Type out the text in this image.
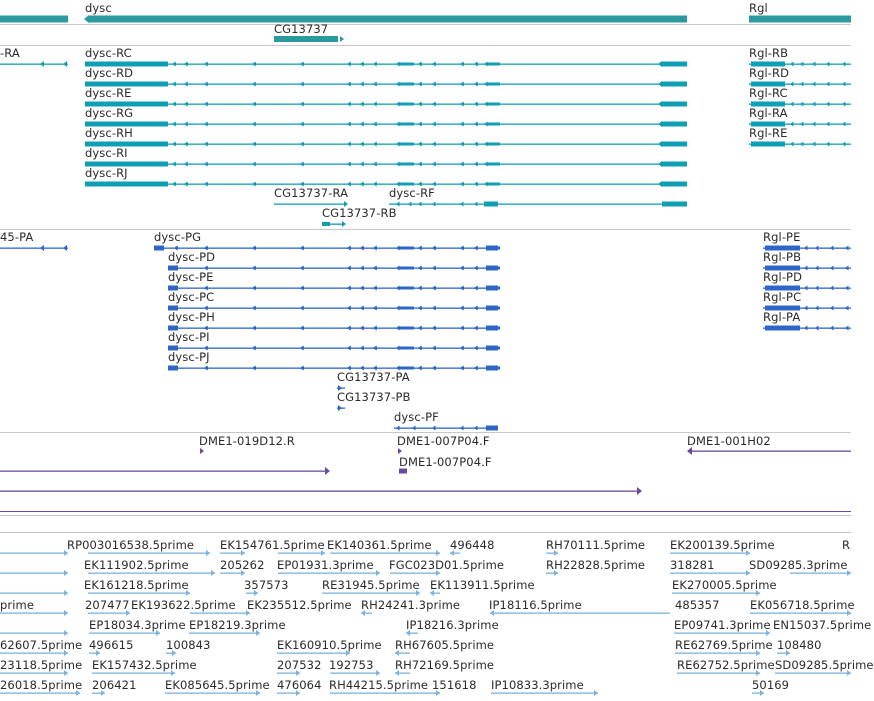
dysc
CG13737
Rgl
-RA	dysc-RC
dysc-RD
dysc-RE
dysc-RG
dysc-RH
dysc-RI
dysc-RJ
CG13737-RA	dysc-RF
CG13737-RB
Rgl-RB
Rgl-RD
Rgl-RC
Rgl-RA
Rgl-RE
45-PA	dysc-PG
dysc-PD
dysc-PE
dysc-PC
dysc-PH
dysc-PI
dysc-PJ
CG13737-PA
CG13737-PB
dysc-PF
Rgl-PE
Rgl-PB
Rgl-PD
Rgl-PC
Rgl-PA
DME1-019D12.R	DME1-007P04.F
DME1-007P04.F
DME1-001H02
RP003016538.5prime EK154761.5prime EK140361.5prime 496448	RH70111.5prime EK200139.5prime	R
EK111902.5prime	205262 EP01931.3prime FGC023D01.5prime	RH22828.5prime 318281	SD09285.3prime
EK161218.5prime	357573	RE31945.5prime EK113911.5prime	EK270005.5prime
prime	207477 EK193622.5prime EK235512.5prime RH24241.3prime	IP18116.5prime	485357	EK056718.5prime
EP18034.3prime EP18219.3prime	IP18216.3prime	EP09741.3prime EN15037.5prime
62607.5prime 496615	100843	EK160910.5prime RH67605.5prime	RE62769.5prime 108480
23118.5prime EK157432.5prime	207532 192753 RH72169.5prime	RE62752.5prime SD09285.5prime
26018.5prime 206421 EK085645.5prime 476064 RH44215.5prime 151618 IP10833.3prime	50169
